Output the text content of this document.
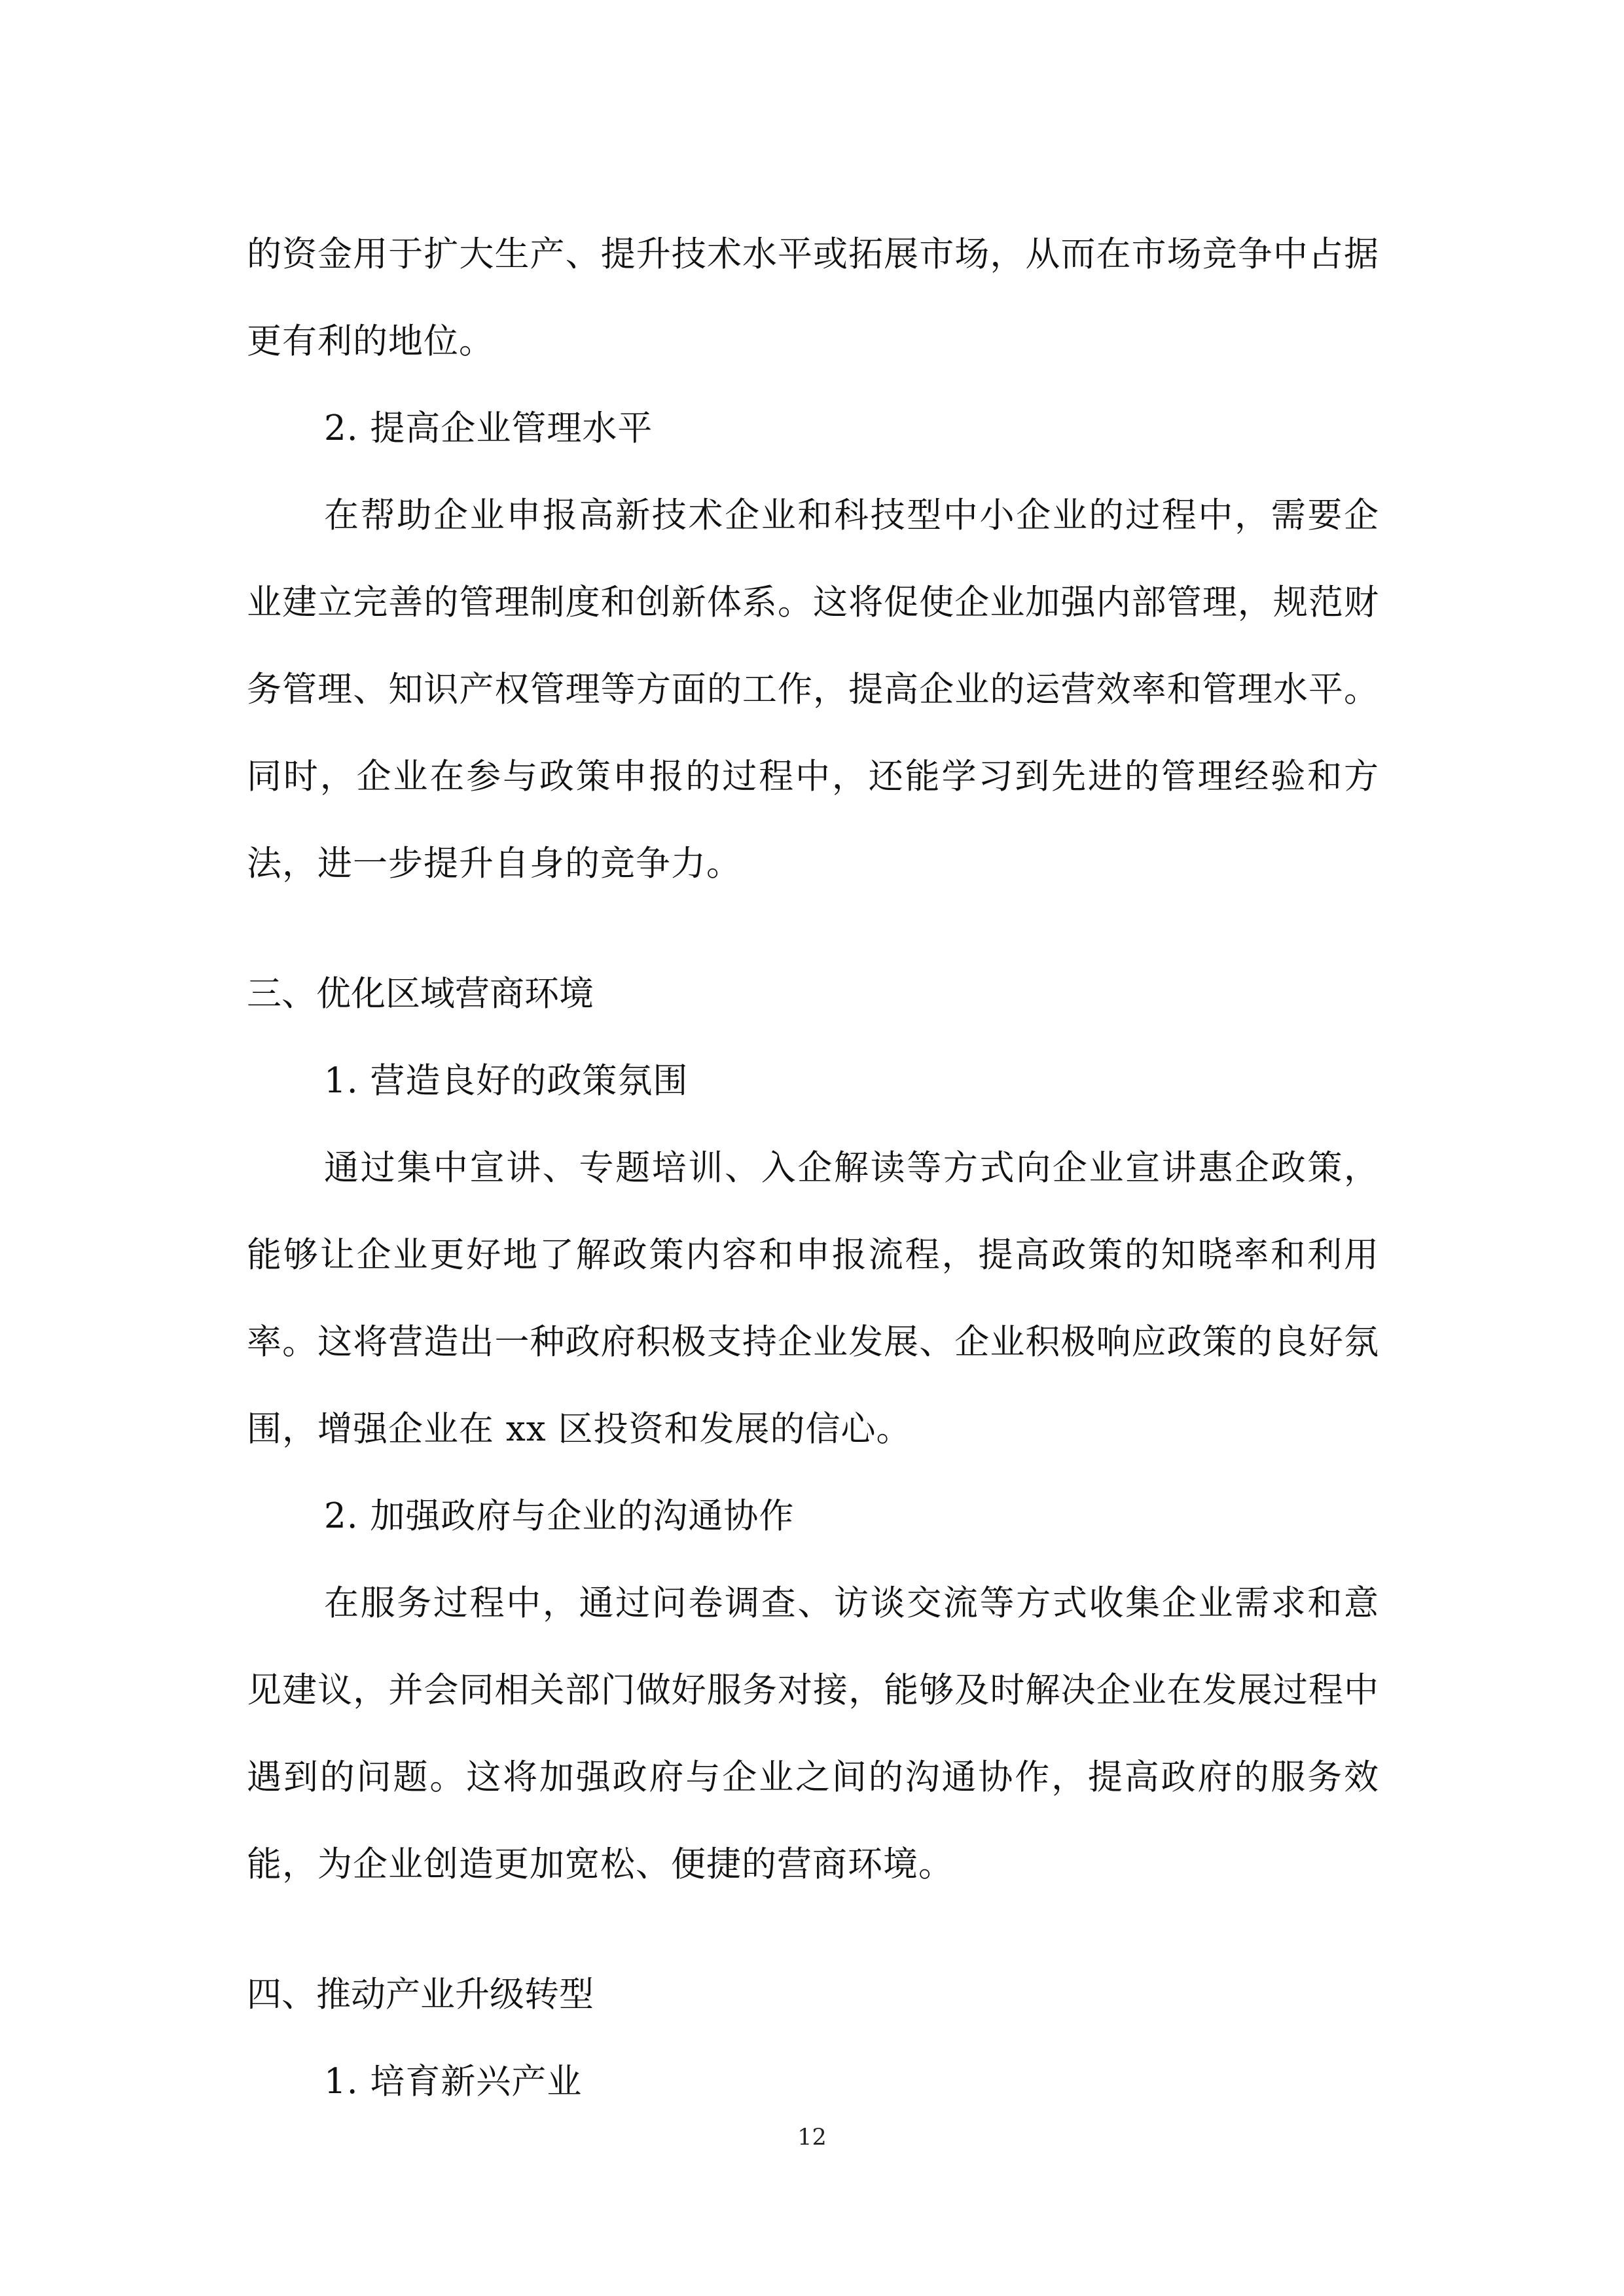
的资金用于扩大生产、提升技术水平或拓展市场，从而在市场竞争中占据更有利的地位。

2. 提高企业管理水平

在帮助企业申报高新技术企业和科技型中小企业的过程中，需要企业建立完善的管理制度和创新体系。这将促使企业加强内部管理，规范财务管理、知识产权管理等方面的工作，提高企业的运营效率和管理水平。同时，企业在参与政策申报的过程中，还能学习到先进的管理经验和方法，进一步提升自身的竞争力。

三、优化区域营商环境

1. 营造良好的政策氛围

通过集中宣讲、专题培训、入企解读等方式向企业宣讲惠企政策，能够让企业更好地了解政策内容和申报流程，提高政策的知晓率和利用率。这将营造出一种政府积极支持企业发展、企业积极响应政策的良好氛围，增强企业在 xx 区投资和发展的信心。

2. 加强政府与企业的沟通协作

在服务过程中，通过问卷调查、访谈交流等方式收集企业需求和意见建议，并会同相关部门做好服务对接，能够及时解决企业在发展过程中遇到的问题。这将加强政府与企业之间的沟通协作，提高政府的服务效能，为企业创造更加宽松、便捷的营商环境。

四、推动产业升级转型

1. 培育新兴产业

12
